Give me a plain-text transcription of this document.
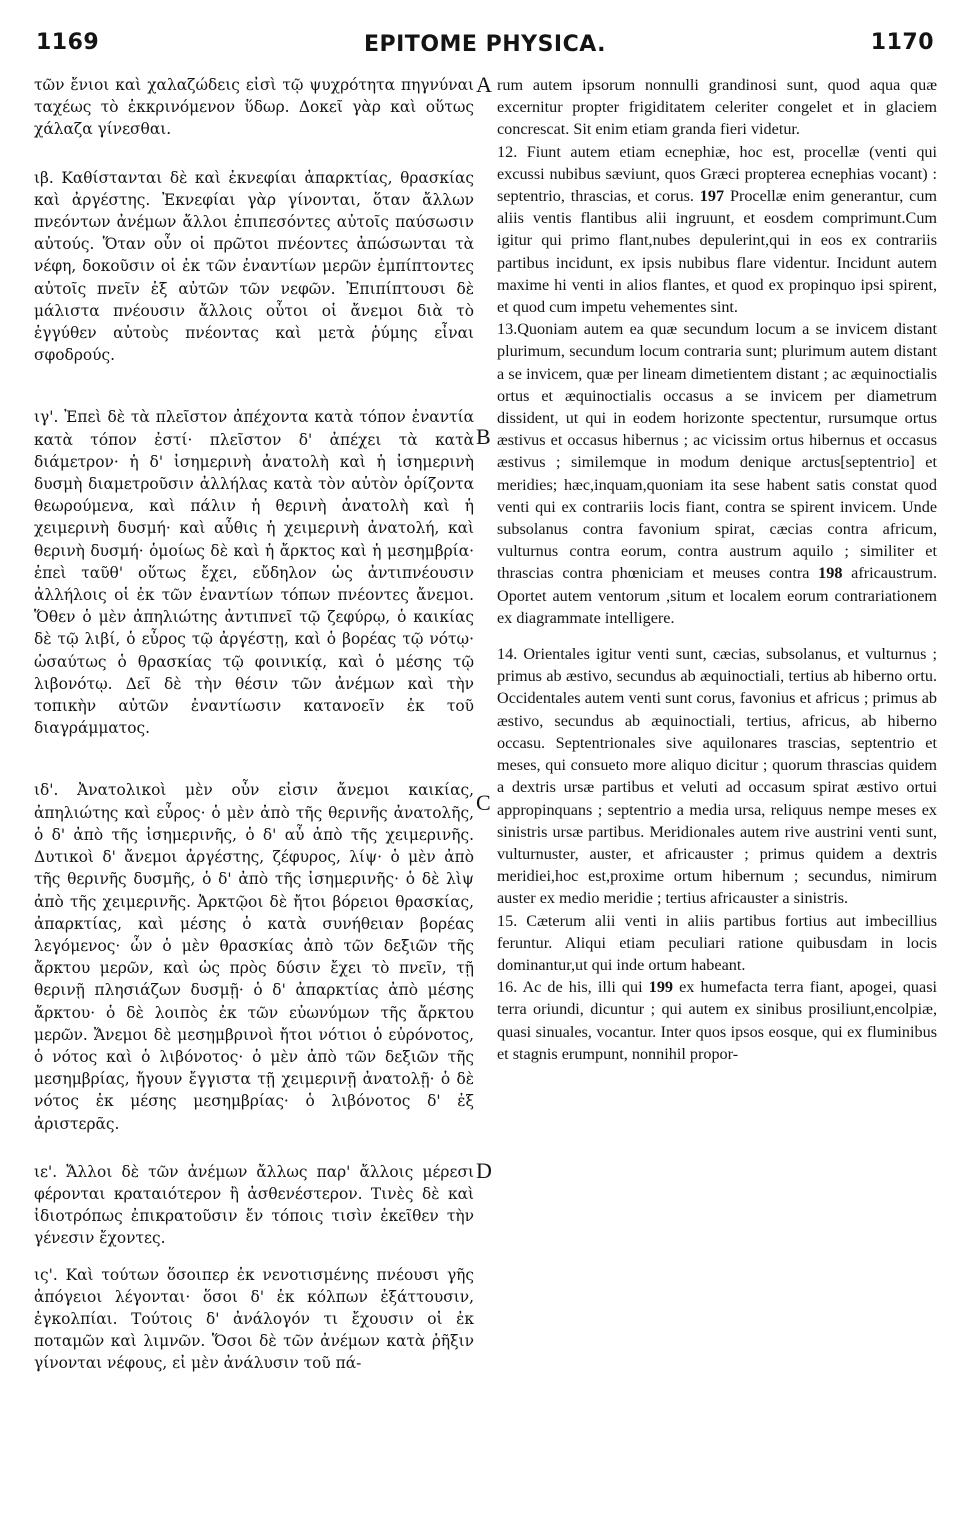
1169	EPITOME PHYSICA.	1170
A
B
C
D

τῶν ἔνιοι καὶ χαλαζώδεις εἰσὶ τῷ ψυχρότητα πηγνύναι ταχέως τὸ ἐκκρινόμενον ὕδωρ. Δοκεῖ γὰρ καὶ οὕτως χάλαζα γίνεσθαι.

ιβ. Καθίστανται δὲ καὶ ἐκνεφίαι ἀπαρκτίας, θρασκίας καὶ ἀργέστης. Ἐκνεφίαι γὰρ γίνονται, ὅταν ἄλλων πνεόντων ἀνέμων ἄλλοι ἐπιπεσόντες αὐτοῖς παύσωσιν αὐτούς. Ὅταν οὖν οἱ πρῶτοι πνέοντες ἀπώσωνται τὰ νέφη, δοκοῦσιν οἱ ἐκ τῶν ἐναντίων μερῶν ἐμπίπτοντες αὐτοῖς πνεῖν ἐξ αὐτῶν τῶν νεφῶν. Ἐπιπίπτουσι δὲ μάλιστα πνέουσιν ἄλλοις οὗτοι οἱ ἄνεμοι διὰ τὸ ἐγγύθεν αὐτοὺς πνέοντας καὶ μετὰ ῥύμης εἶναι σφοδρούς.

ιγ'. Ἐπεὶ δὲ τὰ πλεῖστον ἀπέχοντα κατὰ τόπον ἐναντία κατὰ τόπον ἐστί· πλεῖστον δ' ἀπέχει τὰ κατὰ διάμετρον· ἡ δ' ἰσημερινὴ ἀνατολὴ καὶ ἡ ἰσημερινὴ δυσμὴ διαμετροῦσιν ἀλλήλας κατὰ τὸν αὐτὸν ὁρίζοντα θεωρούμενα, καὶ πάλιν ἡ θερινὴ ἀνατολὴ καὶ ἡ χειμερινὴ δυσμή· καὶ αὖθις ἡ χειμερινὴ ἀνατολή, καὶ θερινὴ δυσμή· ὁμοίως δὲ καὶ ἡ ἄρκτος καὶ ἡ μεσημβρία· ἐπεὶ ταῦθ' οὕτως ἔχει, εὔδηλον ὡς ἀντιπνέουσιν ἀλλήλοις οἱ ἐκ τῶν ἐναντίων τόπων πνέοντες ἄνεμοι. Ὅθεν ὁ μὲν ἀπηλιώτης ἀντιπνεῖ τῷ ζεφύρῳ, ὁ καικίας δὲ τῷ λιβί, ὁ εὖρος τῷ ἀργέστῃ, καὶ ὁ βορέας τῷ νότῳ· ὡσαύτως ὁ θρασκίας τῷ φοινικίᾳ, καὶ ὁ μέσης τῷ λιβονότῳ. Δεῖ δὲ τὴν θέσιν τῶν ἀνέμων καὶ τὴν τοπικὴν αὐτῶν ἐναντίωσιν κατανοεῖν ἐκ τοῦ διαγράμματος.

ιδ'. Ἀνατολικοὶ μὲν οὖν εἰσιν ἄνεμοι καικίας, ἀπηλιώτης καὶ εὖρος· ὁ μὲν ἀπὸ τῆς θερινῆς ἀνατολῆς, ὁ δ' ἀπὸ τῆς ἰσημερινῆς, ὁ δ' αὖ ἀπὸ τῆς χειμερινῆς. Δυτικοὶ δ' ἄνεμοι ἀργέστης, ζέφυρος, λίψ· ὁ μὲν ἀπὸ τῆς θερινῆς δυσμῆς, ὁ δ' ἀπὸ τῆς ἰσημερινῆς· ὁ δὲ λὶψ ἀπὸ τῆς χειμερινῆς. Ἀρκτῷοι δὲ ἤτοι βόρειοι θρασκίας, ἀπαρκτίας, καὶ μέσης ὁ κατὰ συνήθειαν βορέας λεγόμενος· ὧν ὁ μὲν θρασκίας ἀπὸ τῶν δεξιῶν τῆς ἄρκτου μερῶν, καὶ ὡς πρὸς δύσιν ἔχει τὸ πνεῖν, τῇ θερινῇ πλησιάζων δυσμῇ· ὁ δ' ἀπαρκτίας ἀπὸ μέσης ἄρκτου· ὁ δὲ λοιπὸς ἐκ τῶν εὐωνύμων τῆς ἄρκτου μερῶν. Ἄνεμοι δὲ μεσημβρινοὶ ἤτοι νότιοι ὁ εὐρόνοτος, ὁ νότος καὶ ὁ λιβόνοτος· ὁ μὲν ἀπὸ τῶν δεξιῶν τῆς μεσημβρίας, ἤγουν ἔγγιστα τῇ χειμερινῇ ἀνατολῇ· ὁ δὲ νότος ἐκ μέσης μεσημβρίας· ὁ λιβόνοτος δ' ἐξ ἀριστερᾶς.

ιε'. Ἄλλοι δὲ τῶν ἀνέμων ἄλλως παρ' ἄλλοις μέρεσι φέρονται κραταιότερον ἢ ἀσθενέστερον. Τινὲς δὲ καὶ ἰδιοτρόπως ἐπικρατοῦσιν ἔν τόποις τισὶν ἐκεῖθεν τὴν γένεσιν ἔχοντες.

ις'. Καὶ τούτων ὅσοιπερ ἐκ νενοτισμένης πνέουσι γῆς ἀπόγειοι λέγονται· ὅσοι δ' ἐκ κόλπων ἐξάττουσιν, ἐγκολπίαι. Τούτοις δ' ἀνάλογόν τι ἔχουσιν οἱ ἐκ ποταμῶν καὶ λιμνῶν. Ὅσοι δὲ τῶν ἀνέμων κατὰ ῥῆξιν γίνονται νέφους, εἰ μὲν ἀνάλυσιν τοῦ πά-

rum autem ipsorum nonnulli grandinosi sunt, quod aqua quæ excernitur propter frigiditatem celeriter congelet et in glaciem concrescat. Sit enim etiam granda fieri videtur.

12. Fiunt autem etiam ecnephiæ, hoc est, procellæ (venti qui excussi nubibus sæviunt, quos Græci propterea ecnephias vocant) : septentrio, thrascias, et corus. 197 Procellæ enim generantur, cum aliis ventis flantibus alii ingruunt, et eosdem comprimunt.Cum igitur qui primo flant,nubes depulerint,qui in eos ex contrariis partibus incidunt, ex ipsis nubibus flare videntur. Incidunt autem maxime hi venti in alios flantes, et quod ex propinquo ipsi spirent, et quod cum impetu vehementes sint.

13.Quoniam autem ea quæ secundum locum a se invicem distant plurimum, secundum locum contraria sunt; plurimum autem distant a se invicem, quæ per lineam dimetientem distant ; ac æquinoctialis ortus et æquinoctialis occasus a se invicem per diametrum dissident, ut qui in eodem horizonte spectentur, rursumque ortus æstivus et occasus hibernus ; ac vicissim ortus hibernus et occasus æstivus ; similemque in modum denique arctus[septentrio] et meridies; hæc,inquam,quoniam ita sese habent satis constat quod venti qui ex contrariis locis fiant, contra se spirent invicem. Unde subsolanus contra favonium spirat, cæcias contra africum, vulturnus contra eorum, contra austrum aquilo ; similiter et thrascias contra phœniciam et meuses contra 198 africaustrum. Oportet autem ventorum ,situm et localem eorum contrariationem ex diagrammate intelligere.

14. Orientales igitur venti sunt, cæcias, subsolanus, et vulturnus ; primus ab æstivo, secundus ab æquinoctiali, tertius ab hiberno ortu. Occidentales autem venti sunt corus, favonius et africus ; primus ab æstivo, secundus ab æquinoctiali, tertius, africus, ab hiberno occasu. Septentrionales sive aquilonares trascias, septentrio et meses, qui consueto more aliquo dicitur ; quorum thrascias quidem a dextris ursæ partibus et veluti ad occasum spirat æstivo ortui appropinquans ; septentrio a media ursa, reliquus nempe meses ex sinistris ursæ partibus. Meridionales autem rive austrini venti sunt, vulturnuster, auster, et africauster ; primus quidem a dextris meridiei,hoc est,proxime ortum hibernum ; secundus, nimirum auster ex medio meridie ; tertius africauster a sinistris.

15. Cæterum alii venti in aliis partibus fortius aut imbecillius feruntur. Aliqui etiam peculiari ratione quibusdam in locis dominantur,ut qui inde ortum habeant.

16. Ac de his, illi qui 199 ex humefacta terra fiant, apogei, quasi terra oriundi, dicuntur ; qui autem ex sinibus prosiliunt,encolpiæ, quasi sinuales, vocantur. Inter quos ipsos eosque, qui ex fluminibus et stagnis erumpunt, nonnihil propor-
